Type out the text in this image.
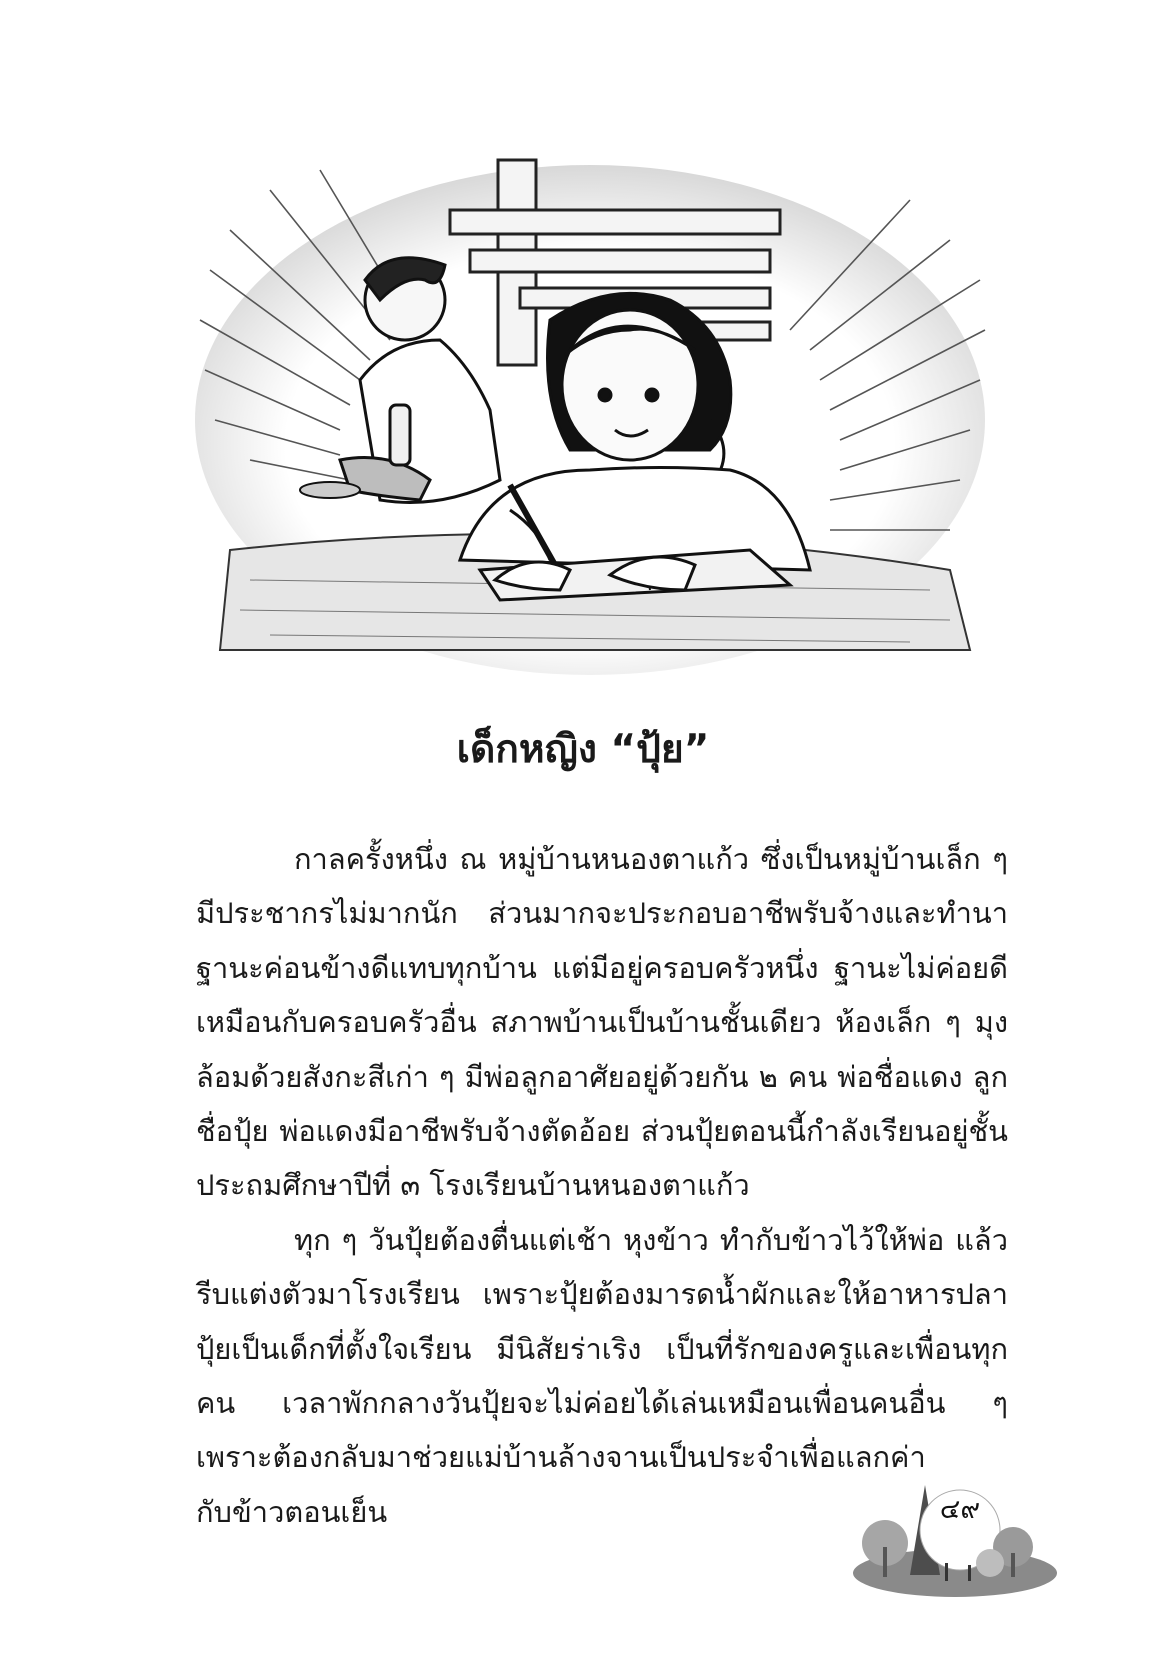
เด็กหญิง “ปุ้ย”

กาลครั้งหนึ่ง ณ หมู่บ้านหนองตาแก้ว ซึ่งเป็นหมู่บ้านเล็ก ๆ มีประชากรไม่มากนัก ส่วนมากจะประกอบอาชีพรับจ้างและทำนา ฐานะค่อนข้างดีแทบทุกบ้าน แต่มีอยู่ครอบครัวหนึ่ง ฐานะไม่ค่อยดีเหมือนกับครอบครัวอื่น สภาพบ้านเป็นบ้านชั้นเดียว ห้องเล็ก ๆ มุงล้อมด้วยสังกะสีเก่า ๆ มีพ่อลูกอาศัยอยู่ด้วยกัน ๒ คน พ่อชื่อแดง ลูกชื่อปุ้ย พ่อแดงมีอาชีพรับจ้างตัดอ้อย ส่วนปุ้ยตอนนี้กำลังเรียนอยู่ชั้นประถมศึกษาปีที่ ๓ โรงเรียนบ้านหนองตาแก้ว

ทุก ๆ วันปุ้ยต้องตื่นแต่เช้า หุงข้าว ทำกับข้าวไว้ให้พ่อ แล้วรีบแต่งตัวมาโรงเรียน เพราะปุ้ยต้องมารดน้ำผักและให้อาหารปลา ปุ้ยเป็นเด็กที่ตั้งใจเรียน มีนิสัยร่าเริง เป็นที่รักของครูและเพื่อนทุกคน เวลาพักกลางวันปุ้ยจะไม่ค่อยได้เล่นเหมือนเพื่อนคนอื่น ๆ เพราะต้องกลับมาช่วยแม่บ้านล้างจานเป็นประจำเพื่อแลกค่ากับข้าวตอนเย็น	๔๙
